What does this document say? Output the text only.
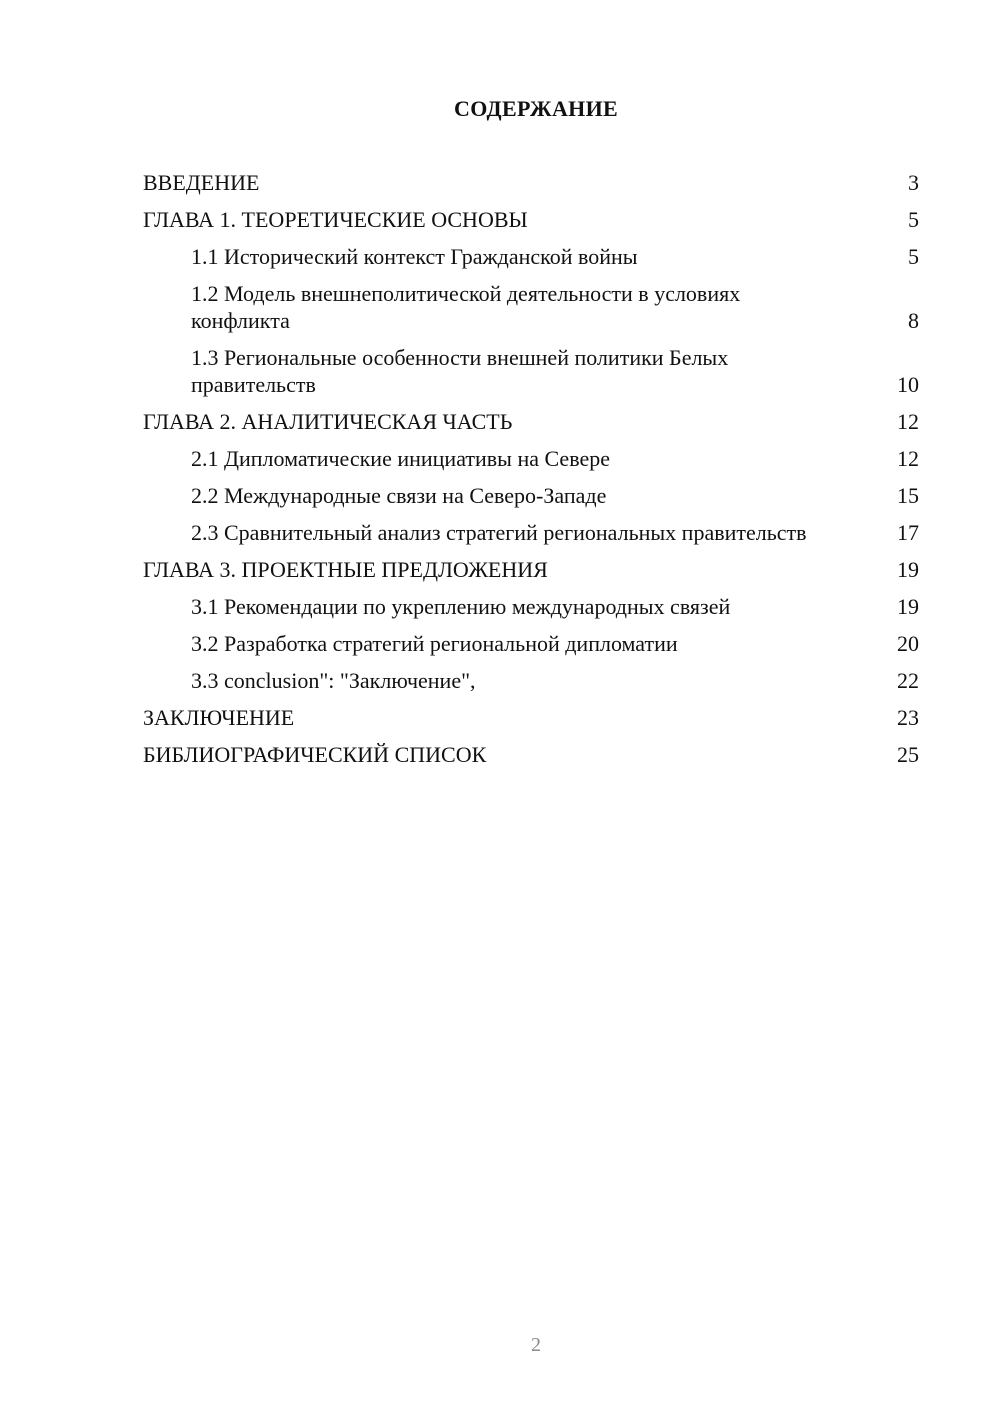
СОДЕРЖАНИЕ
ВВЕДЕНИЕ	3
ГЛАВА 1. ТЕОРЕТИЧЕСКИЕ ОСНОВЫ	5
1.1 Исторический контекст Гражданской войны	5
1.2 Модель внешнеполитической деятельности в условиях конфликта	8
1.3 Региональные особенности внешней политики Белых правительств	10
ГЛАВА 2. АНАЛИТИЧЕСКАЯ ЧАСТЬ	12
2.1 Дипломатические инициативы на Севере	12
2.2 Международные связи на Северо-Западе	15
2.3 Сравнительный анализ стратегий региональных правительств	17
ГЛАВА 3. ПРОЕКТНЫЕ ПРЕДЛОЖЕНИЯ	19
3.1 Рекомендации по укреплению международных связей	19
3.2 Разработка стратегий региональной дипломатии	20
3.3 conclusion": "Заключение",	22
ЗАКЛЮЧЕНИЕ	23
БИБЛИОГРАФИЧЕСКИЙ СПИСОК	25
2
